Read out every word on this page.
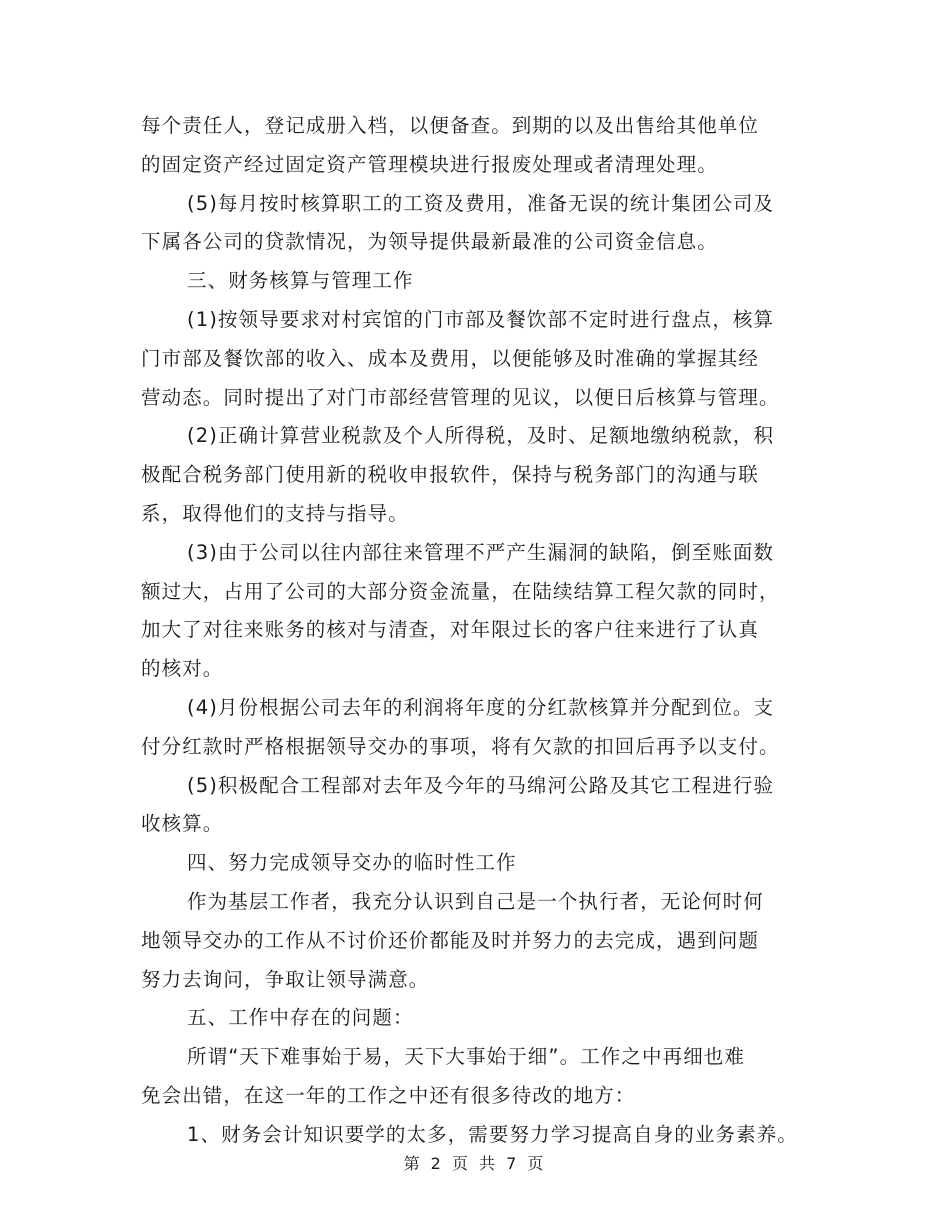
每个责任人，登记成册入档，以便备查。到期的以及出售给其他单位
的固定资产经过固定资产管理模块进行报废处理或者清理处理。
(5)每月按时核算职工的工资及费用，准备无误的统计集团公司及
下属各公司的贷款情况，为领导提供最新最准的公司资金信息。
三、财务核算与管理工作
(1)按领导要求对村宾馆的门市部及餐饮部不定时进行盘点，核算
门市部及餐饮部的收入、成本及费用，以便能够及时准确的掌握其经
营动态。同时提出了对门市部经营管理的见议，以便日后核算与管理。
(2)正确计算营业税款及个人所得税，及时、足额地缴纳税款，积
极配合税务部门使用新的税收申报软件，保持与税务部门的沟通与联
系，取得他们的支持与指导。
(3)由于公司以往内部往来管理不严产生漏洞的缺陷，倒至账面数
额过大，占用了公司的大部分资金流量，在陆续结算工程欠款的同时，
加大了对往来账务的核对与清查，对年限过长的客户往来进行了认真
的核对。
(4)月份根据公司去年的利润将年度的分红款核算并分配到位。支
付分红款时严格根据领导交办的事项，将有欠款的扣回后再予以支付。
(5)积极配合工程部对去年及今年的马绵河公路及其它工程进行验
收核算。
四、努力完成领导交办的临时性工作
作为基层工作者，我充分认识到自己是一个执行者，无论何时何
地领导交办的工作从不讨价还价都能及时并努力的去完成，遇到问题
努力去询问，争取让领导满意。
五、工作中存在的问题：
所谓“天下难事始于易，天下大事始于细”。工作之中再细也难
免会出错，在这一年的工作之中还有很多待改的地方：
1、财务会计知识要学的太多，需要努力学习提高自身的业务素养。
第 2 页 共 7 页
